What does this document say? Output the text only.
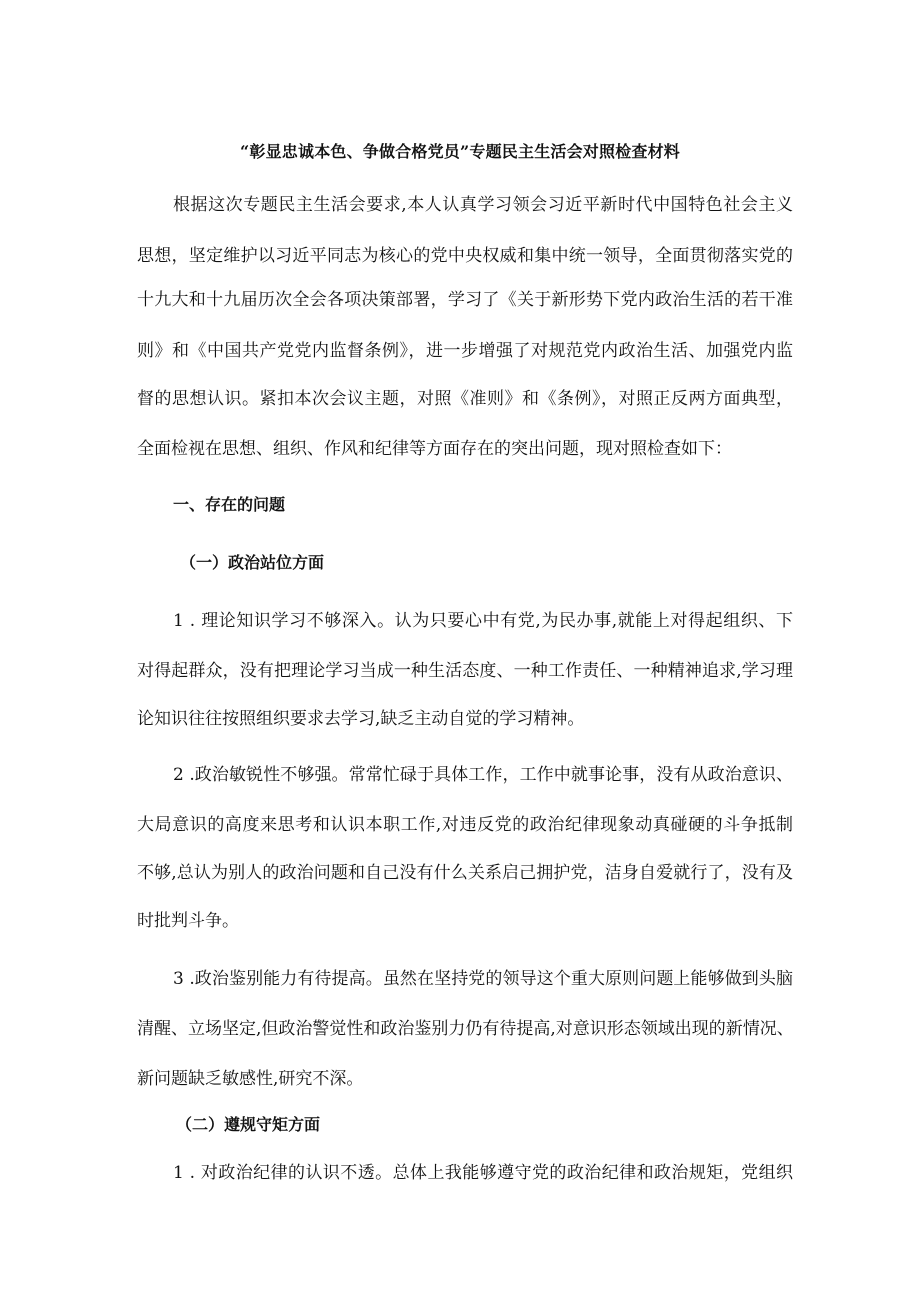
“彰显忠诚本色、争做合格党员”专题民主生活会对照检查材料
根据这次专题民主生活会要求,本人认真学习领会习近平新时代中国特色社会主义
思想，坚定维护以习近平同志为核心的党中央权威和集中统一领导，全面贯彻落实党的
十九大和十九届历次全会各项决策部署，学习了《关于新形势下党内政治生活的若干准
则》和《中国共产党党内监督条例》，进一步增强了对规范党内政治生活、加强党内监
督的思想认识。紧扣本次会议主题，对照《准则》和《条例》，对照正反两方面典型，
全面检视在思想、组织、作风和纪律等方面存在的突出问题，现对照检查如下：
一、存在的问题
（一）政治站位方面
1 . 理论知识学习不够深入。认为只要心中有党,为民办事,就能上对得起组织、下
对得起群众，没有把理论学习当成一种生活态度、一种工作责任、一种精神追求,学习理
论知识往往按照组织要求去学习,缺乏主动自觉的学习精神。
2 .政治敏锐性不够强。常常忙碌于具体工作，工作中就事论事，没有从政治意识、
大局意识的高度来思考和认识本职工作,对违反党的政治纪律现象动真碰硬的斗争抵制
不够,总认为别人的政治问题和自己没有什么关系启己拥护党，洁身自爱就行了，没有及
时批判斗争。
3 .政治鉴别能力有待提高。虽然在坚持党的领导这个重大原则问题上能够做到头脑
清醒、立场坚定,但政治警觉性和政治鉴别力仍有待提高,对意识形态领域出现的新情况、
新问题缺乏敏感性,研究不深。
（二）遵规守矩方面
1 . 对政治纪律的认识不透。总体上我能够遵守党的政治纪律和政治规矩，党组织
